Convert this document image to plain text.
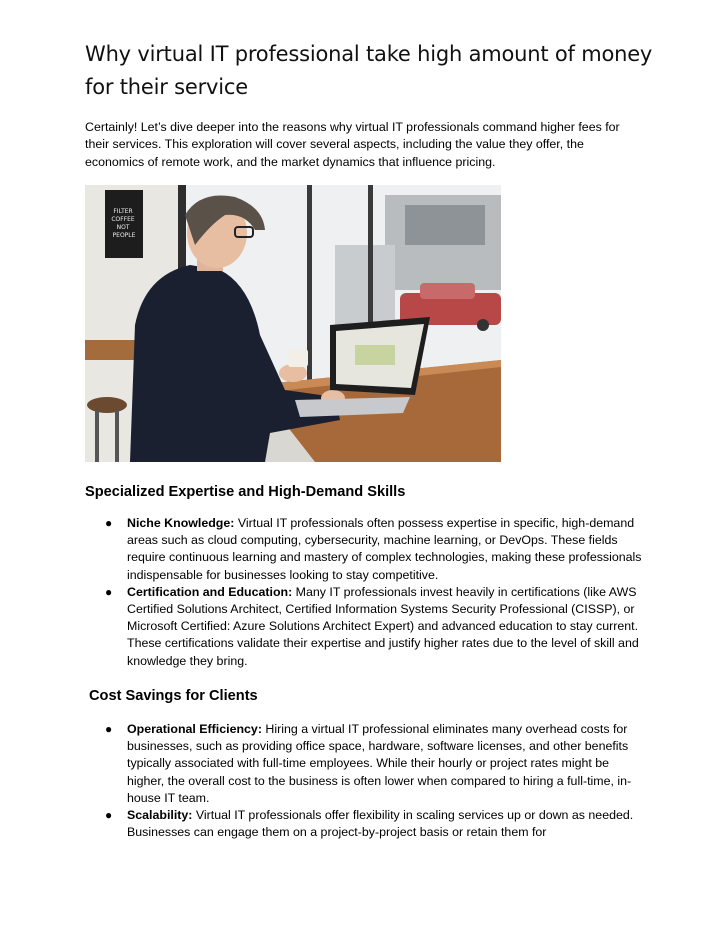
Why virtual IT professional take high amount of money for their service
Certainly! Let’s dive deeper into the reasons why virtual IT professionals command higher fees for their services. This exploration will cover several aspects, including the value they offer, the economics of remote work, and the market dynamics that influence pricing.
FILTER COFFEE NOT PEOPLE
Specialized Expertise and High-Demand Skills
● Niche Knowledge: Virtual IT professionals often possess expertise in specific, high-demand areas such as cloud computing, cybersecurity, machine learning, or DevOps. These fields require continuous learning and mastery of complex technologies, making these professionals indispensable for businesses looking to stay competitive.
● Certification and Education: Many IT professionals invest heavily in certifications (like AWS Certified Solutions Architect, Certified Information Systems Security Professional (CISSP), or Microsoft Certified: Azure Solutions Architect Expert) and advanced education to stay current. These certifications validate their expertise and justify higher rates due to the level of skill and knowledge they bring.
Cost Savings for Clients
● Operational Efficiency: Hiring a virtual IT professional eliminates many overhead costs for businesses, such as providing office space, hardware, software licenses, and other benefits typically associated with full-time employees. While their hourly or project rates might be higher, the overall cost to the business is often lower when compared to hiring a full-time, in-house IT team.
● Scalability: Virtual IT professionals offer flexibility in scaling services up or down as needed. Businesses can engage them on a project-by-project basis or retain them for
